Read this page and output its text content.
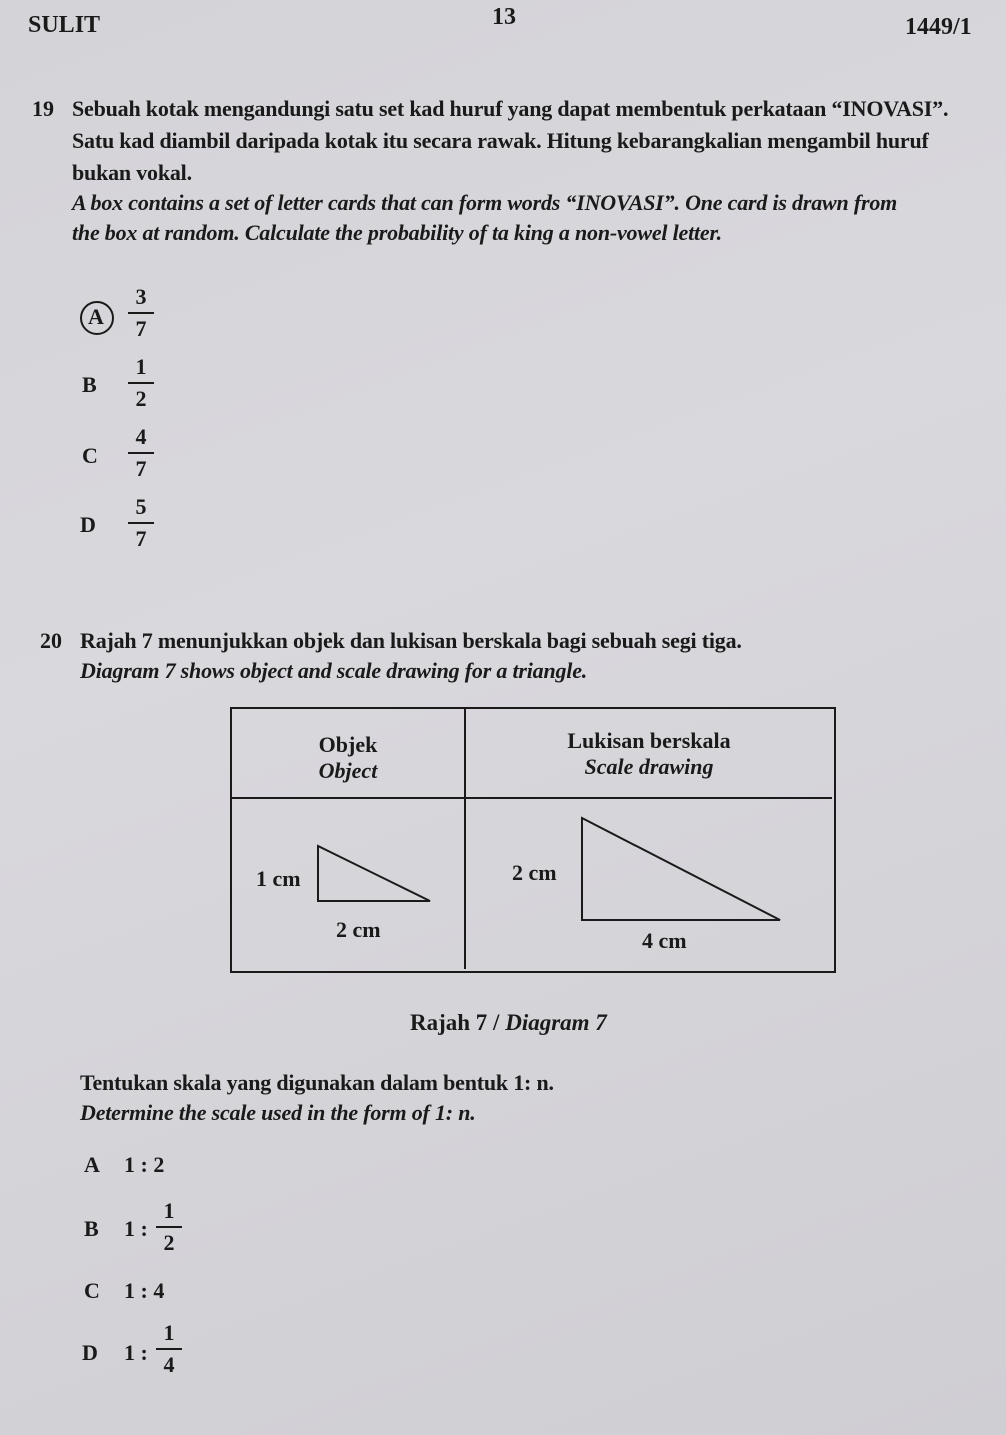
SULIT	13	1449/1
19 Sebuah kotak mengandungi satu set kad huruf yang dapat membentuk perkataan “INOVASI”.
Satu kad diambil daripada kotak itu secara rawak. Hitung kebarangkalian mengambil huruf
bukan vokal.
A box contains a set of letter cards that can form words “INOVASI”. One card is drawn from
the box at random. Calculate the probability of ta king a non-vowel letter.
A
3
7
B
1
2
C
4
7
D
5
7
20 Rajah 7 menunjukkan objek dan lukisan berskala bagi sebuah segi tiga.
Diagram 7 shows object and scale drawing for a triangle.
Objek
Object
Lukisan berskala
Scale drawing
1 cm
2 cm
2 cm
4 cm
Rajah 7 / Diagram 7
Tentukan skala yang digunakan dalam bentuk 1: n.
Determine the scale used in the form of 1: n.
A 1 : 2
B 1 :
1
2
C 1 : 4
D 1 :
1
4
